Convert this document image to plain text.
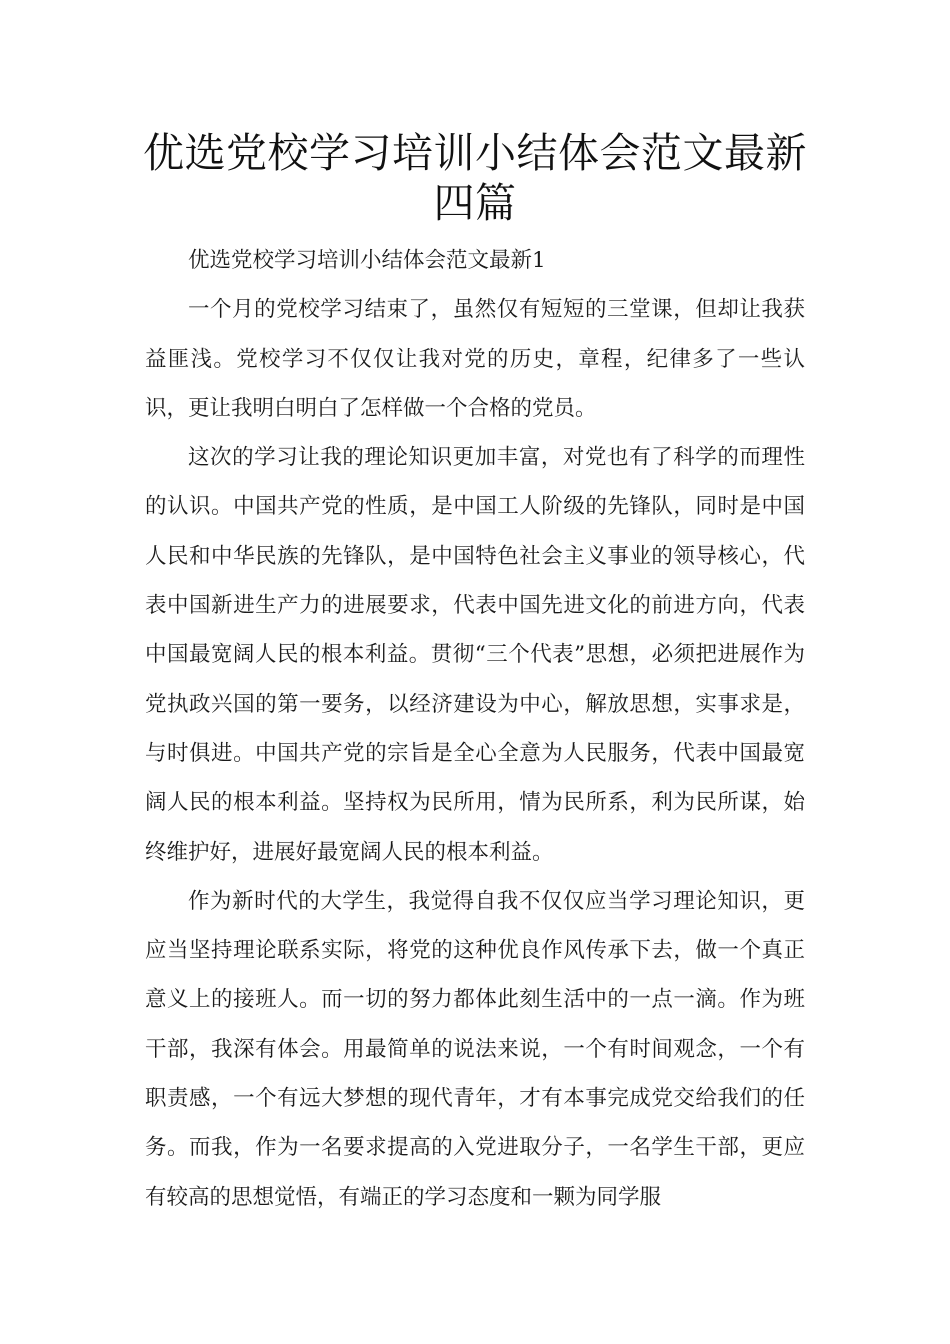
优选党校学习培训小结体会范文最新四篇

优选党校学习培训小结体会范文最新1

一个月的党校学习结束了，虽然仅有短短的三堂课，但却让我获益匪浅。党校学习不仅仅让我对党的历史，章程，纪律多了一些认识，更让我明白明白了怎样做一个合格的党员。

这次的学习让我的理论知识更加丰富，对党也有了科学的而理性的认识。中国共产党的性质，是中国工人阶级的先锋队，同时是中国人民和中华民族的先锋队，是中国特色社会主义事业的领导核心，代表中国新进生产力的进展要求，代表中国先进文化的前进方向，代表中国最宽阔人民的根本利益。贯彻“三个代表”思想，必须把进展作为党执政兴国的第一要务，以经济建设为中心，解放思想，实事求是，与时俱进。中国共产党的宗旨是全心全意为人民服务，代表中国最宽阔人民的根本利益。坚持权为民所用，情为民所系，利为民所谋，始终维护好，进展好最宽阔人民的根本利益。

作为新时代的大学生，我觉得自我不仅仅应当学习理论知识，更应当坚持理论联系实际，将党的这种优良作风传承下去，做一个真正意义上的接班人。而一切的努力都体此刻生活中的一点一滴。作为班干部，我深有体会。用最简单的说法来说，一个有时间观念，一个有职责感，一个有远大梦想的现代青年，才有本事完成党交给我们的任务。而我，作为一名要求提高的入党进取分子，一名学生干部，更应有较高的思想觉悟，有端正的学习态度和一颗为同学服
